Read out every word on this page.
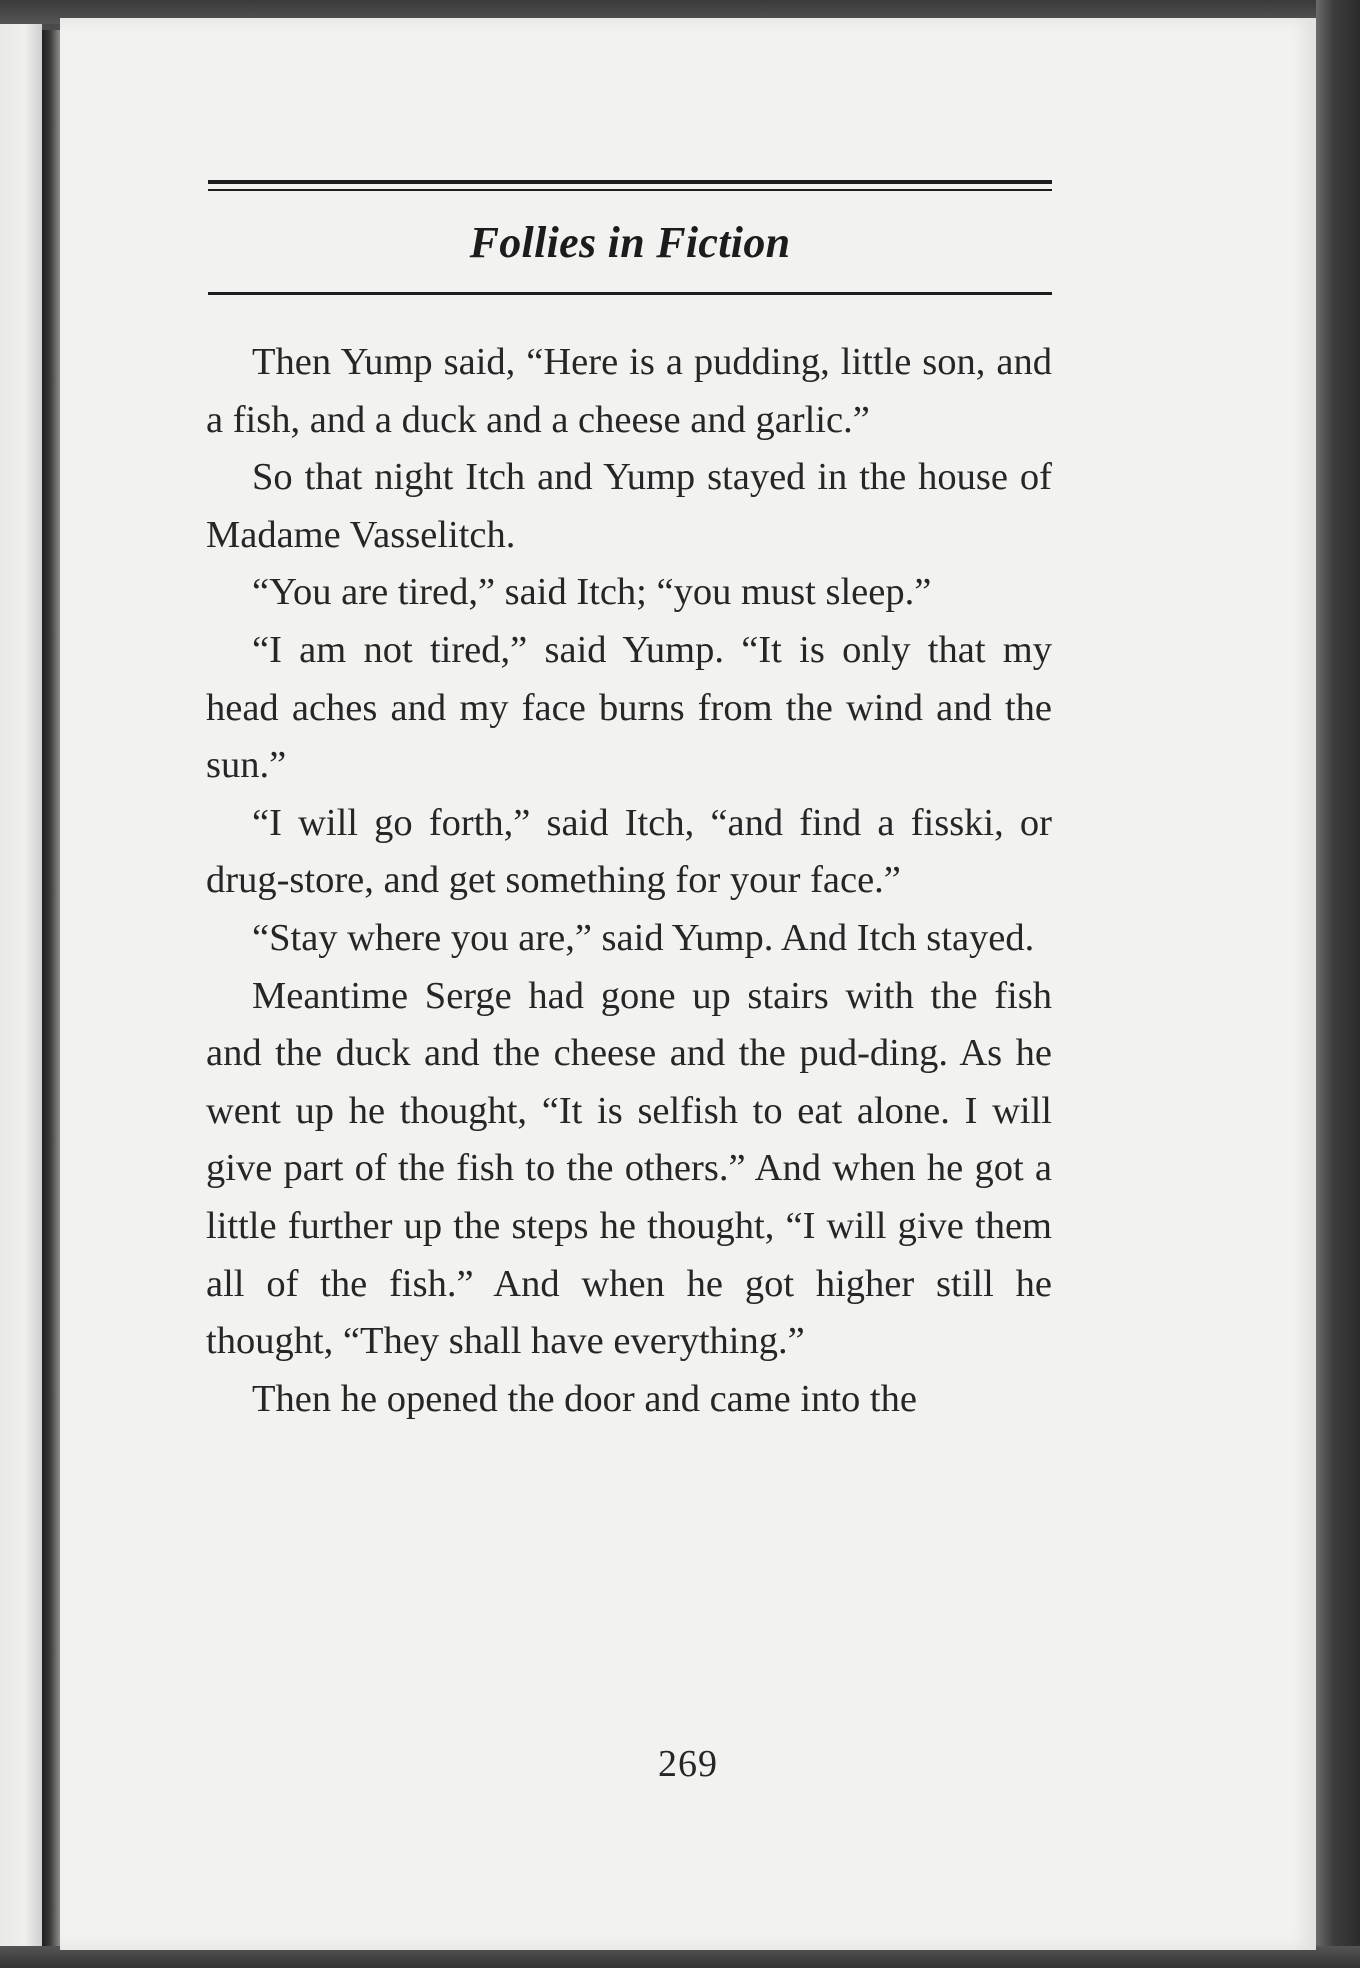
Follies in Fiction

Then Yump said, “Here is a pudding, little son, and a fish, and a duck and a cheese and garlic.”

So that night Itch and Yump stayed in the house of Madame Vasselitch.

“You are tired,” said Itch; “you must sleep.”

“I am not tired,” said Yump. “It is only that my head aches and my face burns from the wind and the sun.”

“I will go forth,” said Itch, “and find a fisski, or drug-store, and get something for your face.”

“Stay where you are,” said Yump. And Itch stayed.

Meantime Serge had gone up stairs with the fish and the duck and the cheese and the pud-ding. As he went up he thought, “It is selfish to eat alone. I will give part of the fish to the others.” And when he got a little further up the steps he thought, “I will give them all of the fish.” And when he got higher still he thought, “They shall have everything.”

Then he opened the door and came into the

269
